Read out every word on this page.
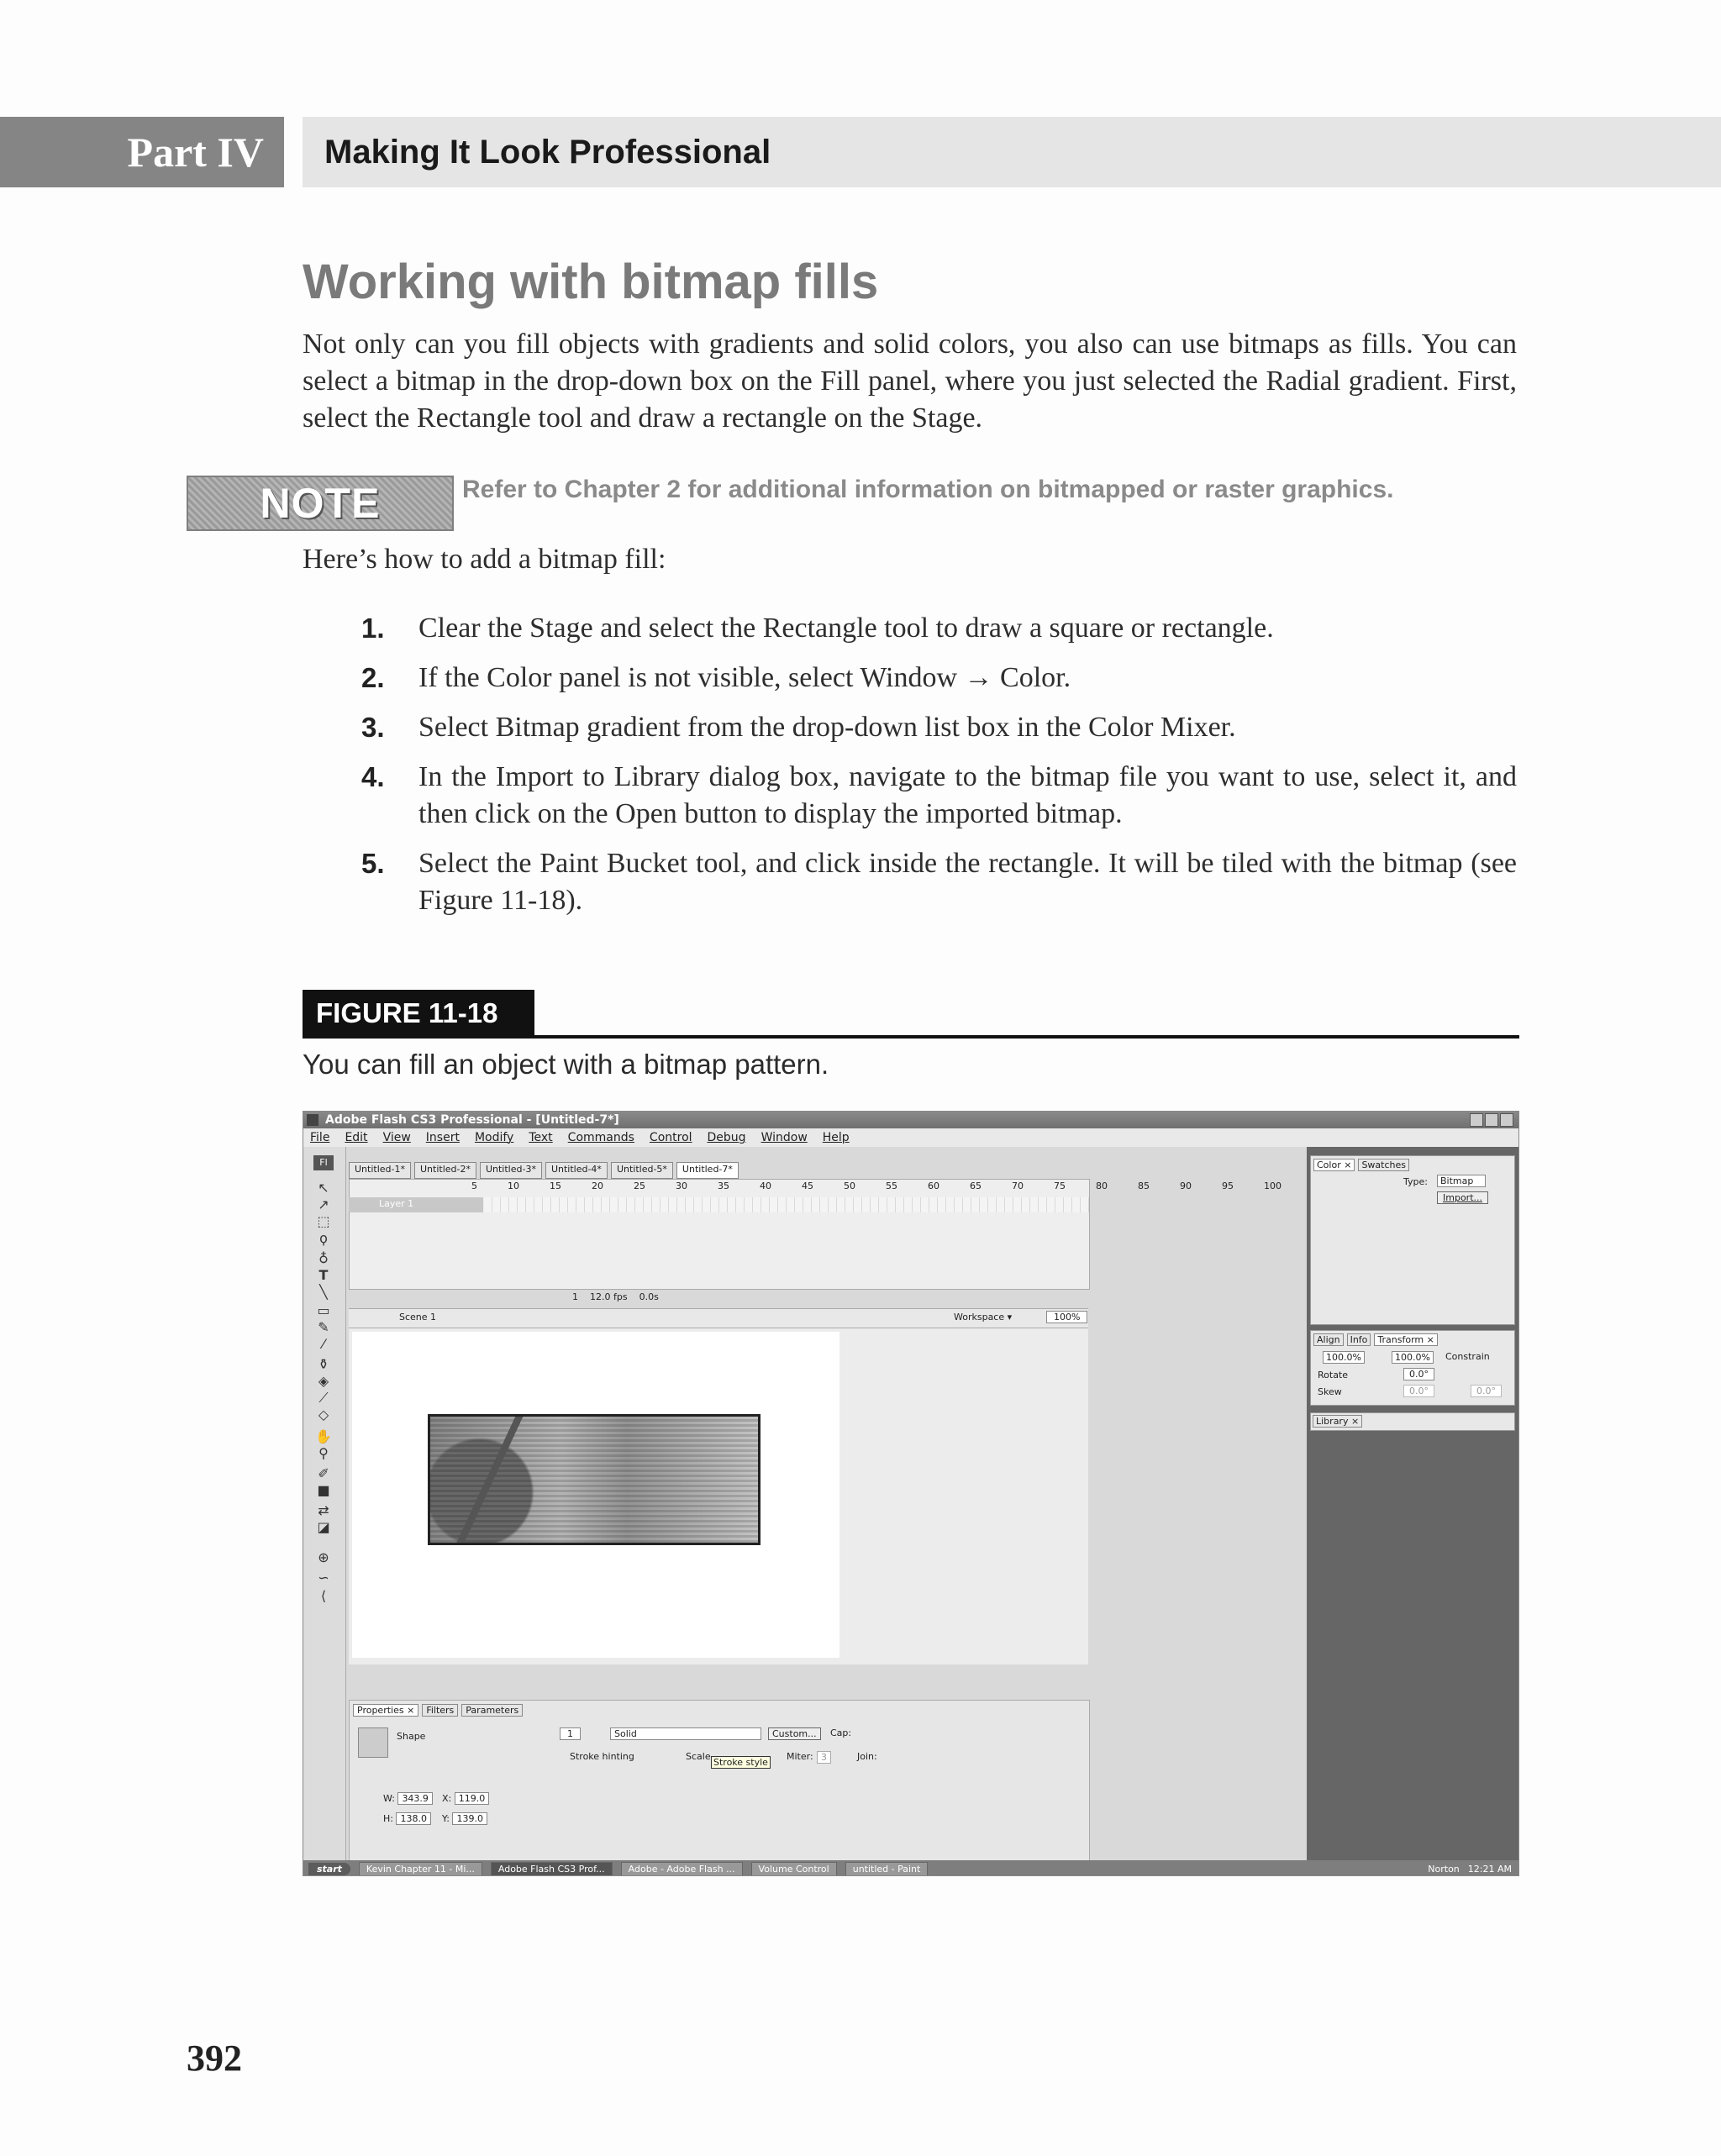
Part IV	Making It Look Professional
Working with bitmap fills

Not only can you fill objects with gradients and solid colors, you also can use bitmaps as fills. You can select a bitmap in the drop-down box on the Fill panel, where you just selected the Radial gradient. First, select the Rectangle tool and draw a rectangle on the Stage.

NOTE	Refer to Chapter 2 for additional information on bitmapped or raster graphics.

Here’s how to add a bitmap fill:

1. Clear the Stage and select the Rectangle tool to draw a square or rectangle.
2. If the Color panel is not visible, select Window → Color.
3. Select Bitmap gradient from the drop-down list box in the Color Mixer.
4. In the Import to Library dialog box, navigate to the bitmap file you want to use, select it, and then click on the Open button to display the imported bitmap.
5. Select the Paint Bucket tool, and click inside the rectangle. It will be tiled with the bitmap (see Figure 11-18).
FIGURE 11-18
You can fill an object with a bitmap pattern.
Adobe Flash CS3 Professional - [Untitled-7*]
File Edit View Insert Modify Text Commands Control Debug Window Help
Fl
↖
↗
⬚
ϙ
♁
T
╲
▭
✎
⁄
⚱
◈
⟋
◇
✋
⚲
✐
■
⇄
◪
⊕
∽
⟨
Untitled-1*	Untitled-2*	Untitled-3*	Untitled-4*	Untitled-5*	Untitled-7*
5	10	15	20	25	30	35	40	45	50	55	60	65	70	75	80	85	90	95	100
Layer 1
1 12.0 fps 0.0s
Scene 1	Workspace ▾	100%
Properties ×	Filters	Parameters
Shape	1	Solid	Custom...	Cap:
Stroke hinting	Scale
Stroke style
Miter: 3	Join:
W: 343.9	X: 119.0
H: 138.0	Y: 139.0
Color ×	Swatches
Type:	Bitmap
Import...
Align	Info	Transform ×
100.0%	100.0%	Constrain
Rotate	0.0°
Skew	0.0°	0.0°
Library ×
start	Kevin Chapter 11 - Mi...	Adobe Flash CS3 Prof...	Adobe - Adobe Flash ...	Volume Control	untitled - Paint	Norton 12:21 AM
392
